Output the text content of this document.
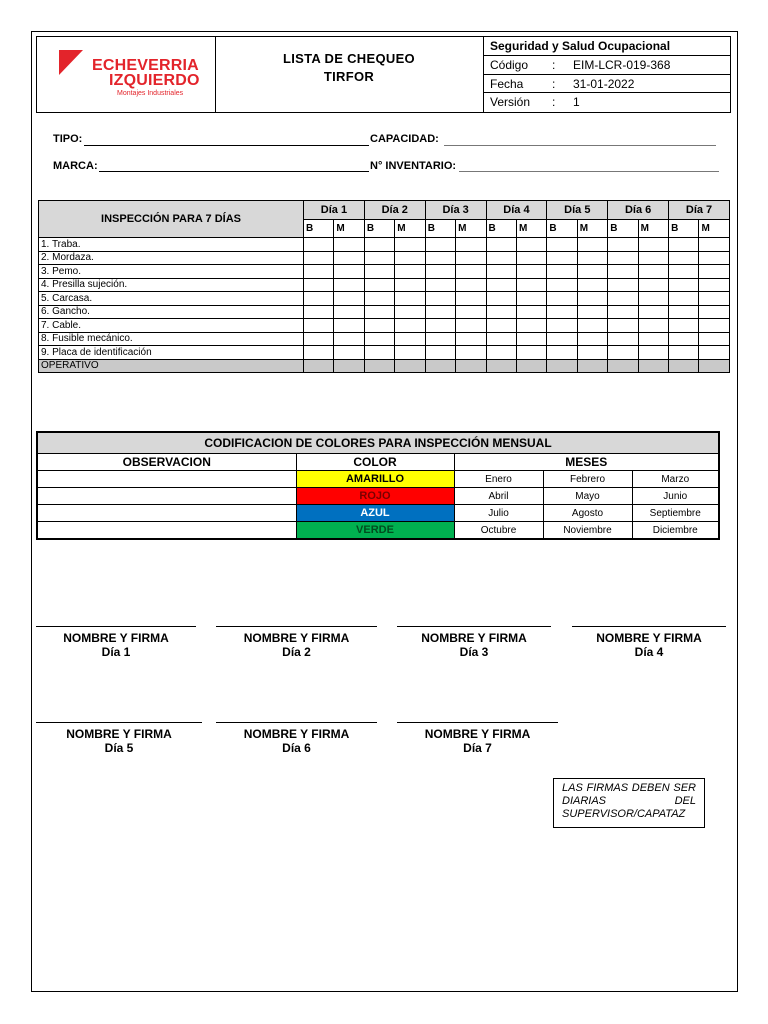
ECHEVERRIA
IZQUIERDO
Montajes Industriales
LISTA DE CHEQUEO
TIRFOR
Seguridad y Salud Ocupacional
Código : EIM-LCR-019-368
Fecha : 31-01-2022
Versión : 1
TIPO:	CAPACIDAD:
MARCA:	N° INVENTARIO:
INSPECCIÓN PARA 7 DÍAS	Día 1		Día 2		Día 3		Día 4		Día 5		Día 6		Día 7	
	B	M	B	M	B	M	B	M	B	M	B	M	B	M
1. Traba.														
2. Mordaza.														
3. Pemo.														
4. Presilla sujeción.														
5. Carcasa.														
6. Gancho.														
7. Cable.														
8. Fusible mecánico.														
9. Placa de identificación														
OPERATIVO														
CODIFICACION DE COLORES PARA INSPECCIÓN MENSUAL				
OBSERVACION	COLOR	MESES		
	AMARILLO	Enero	Febrero	Marzo
	ROJO	Abril	Mayo	Junio
	AZUL	Julio	Agosto	Septiembre
	VERDE	Octubre	Noviembre	Diciembre
NOMBRE Y FIRMA
Día 1
NOMBRE Y FIRMA
Día 2
NOMBRE Y FIRMA
Día 3
NOMBRE Y FIRMA
Día 4
NOMBRE Y FIRMA
Día 5
NOMBRE Y FIRMA
Día 6
NOMBRE Y FIRMA
Día 7
LAS FIRMAS DEBEN SER DIARIAS DEL SUPERVISOR/CAPATAZ
